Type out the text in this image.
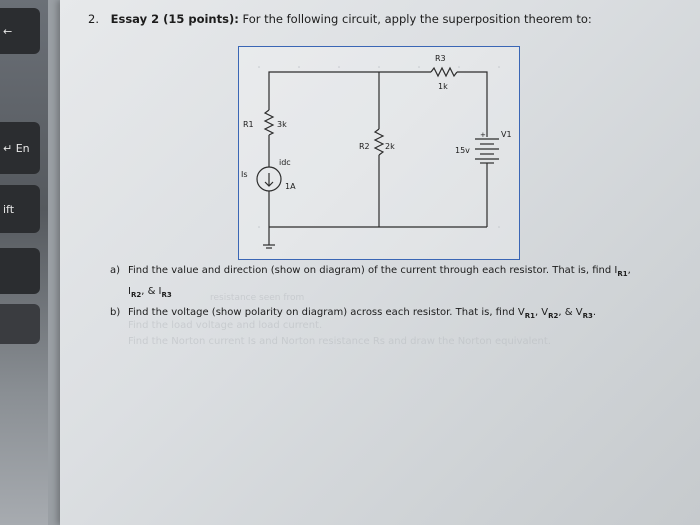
←
↵ En
ift
2. Essay 2 (15 points): For the following circuit, apply the superposition theorem to:
R3
1k
R1	3k
R2 2k
V1
15v
+
Is
idc
1A
resistance seen from
a) Find the value and direction (show on diagram) of the current through each resistor. That is, find $I_{R1}$,
$I_{R2}$, & $I_{R3}$
b) Find the voltage (show polarity on diagram) across each resistor. That is, find $V_{R1}$, $V_{R2}$, & $V_{R3}$.
Find the load voltage and load current.
Find the Norton current Is and Norton resistance Rs and draw the Norton equivalent.
